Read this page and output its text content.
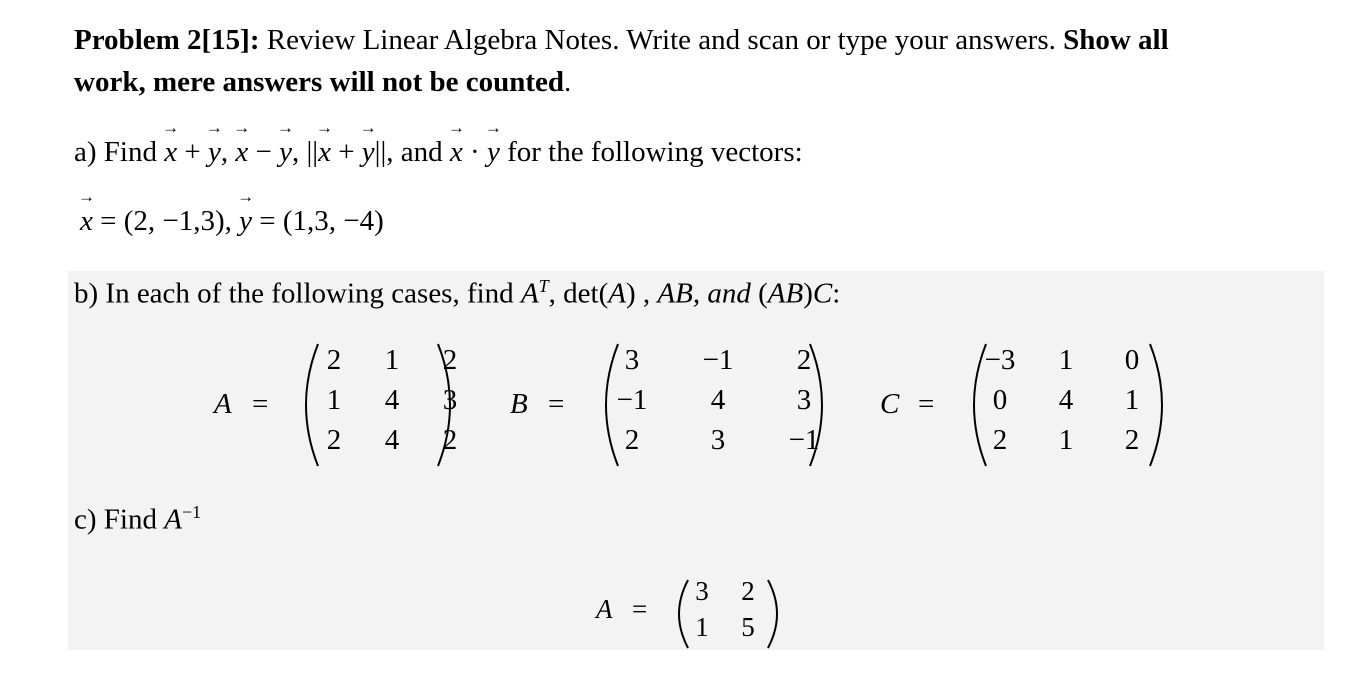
Problem 2[15]: Review Linear Algebra Notes. Write and scan or type your answers. Show all
work, mere answers will not be counted.
a) Find → x + → y, → x − → y, ||→ x + → y||, and → x · → y for the following vectors:
→ x = (2, −1,3), → y = (1,3, −4)
b) In each of the following cases, find $A^T$, det(A) , AB, and (AB)C:
A =
2	1	2
1	4	3
2	4	2
B =
3	−1	2
−1	4	3
2	3	−1
C =
−3	1	0
0	4	1
2	1	2
c) Find $A^{-1}$
A =
3 2
1 5
